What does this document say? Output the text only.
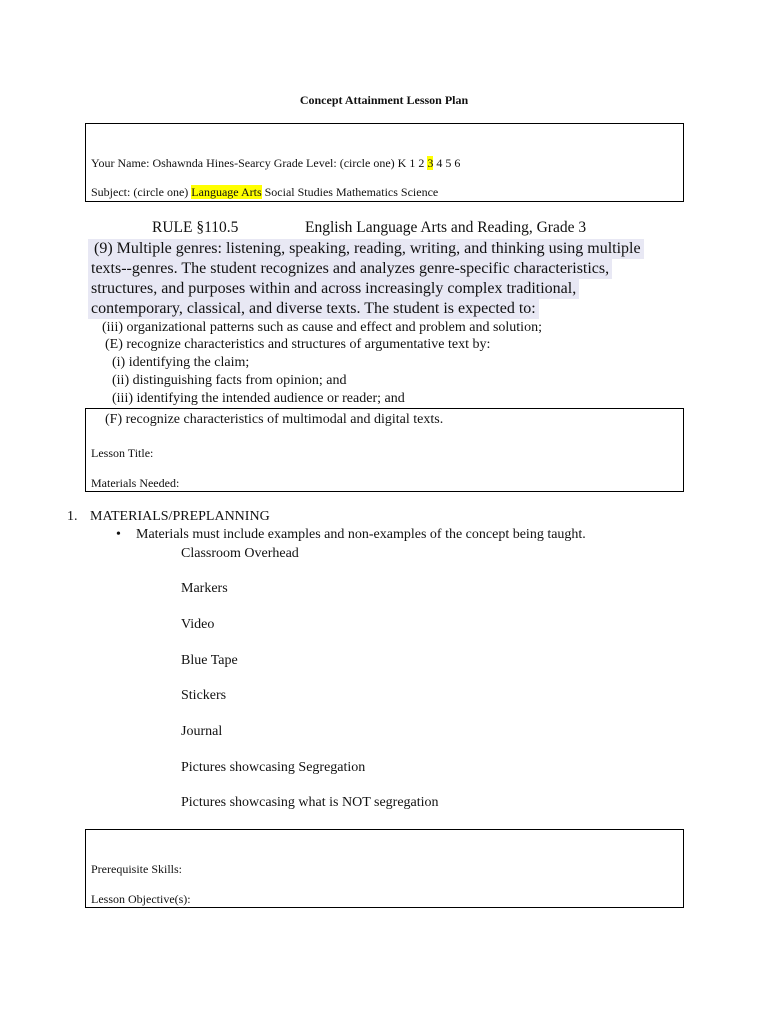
Concept Attainment Lesson Plan
Your Name: Oshawnda Hines-Searcy Grade Level: (circle one) K 1 2 3 4 5 6
Subject: (circle one) Language Arts Social Studies Mathematics Science
RULE §110.5	English Language Arts and Reading, Grade 3
(9) Multiple genres: listening, speaking, reading, writing, and thinking using multiple
texts--genres. The student recognizes and analyzes genre-specific characteristics,
structures, and purposes within and across increasingly complex traditional,
contemporary, classical, and diverse texts. The student is expected to:
(iii) organizational patterns such as cause and effect and problem and solution;
(E) recognize characteristics and structures of argumentative text by:
(i) identifying the claim;
(ii) distinguishing facts from opinion; and
(iii) identifying the intended audience or reader; and
(F) recognize characteristics of multimodal and digital texts.
Lesson Title:
Materials Needed:
1. MATERIALS/PREPLANNING
• Materials must include examples and non-examples of the concept being taught.
Classroom Overhead
Markers
Video
Blue Tape
Stickers
Journal
Pictures showcasing Segregation
Pictures showcasing what is NOT segregation
Prerequisite Skills:
Lesson Objective(s):
